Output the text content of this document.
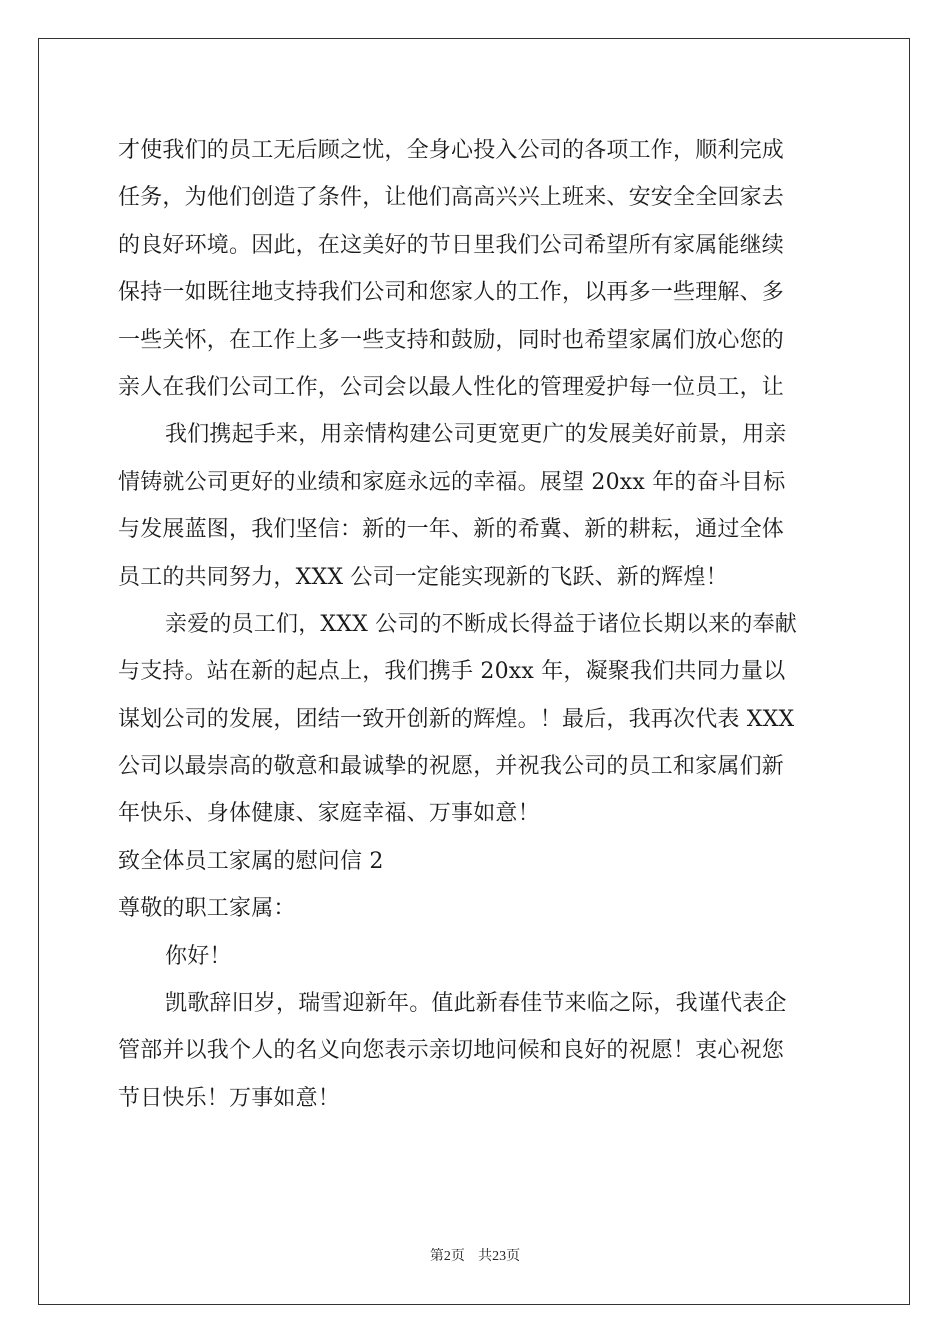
才使我们的员工无后顾之忧，全身心投入公司的各项工作，顺利完成
任务，为他们创造了条件，让他们高高兴兴上班来、安安全全回家去
的良好环境。因此，在这美好的节日里我们公司希望所有家属能继续
保持一如既往地支持我们公司和您家人的工作，以再多一些理解、多
一些关怀，在工作上多一些支持和鼓励，同时也希望家属们放心您的
亲人在我们公司工作，公司会以最人性化的管理爱护每一位员工，让
我们携起手来，用亲情构建公司更宽更广的发展美好前景，用亲
情铸就公司更好的业绩和家庭永远的幸福。展望 20xx 年的奋斗目标
与发展蓝图，我们坚信：新的一年、新的希冀、新的耕耘，通过全体
员工的共同努力，XXX 公司一定能实现新的飞跃、新的辉煌！
亲爱的员工们，XXX 公司的不断成长得益于诸位长期以来的奉献
与支持。站在新的起点上，我们携手 20xx 年，凝聚我们共同力量以
谋划公司的发展，团结一致开创新的辉煌。！最后，我再次代表 XXX
公司以最崇高的敬意和最诚挚的祝愿，并祝我公司的员工和家属们新
年快乐、身体健康、家庭幸福、万事如意！
致全体员工家属的慰问信 2
尊敬的职工家属：
你好！
凯歌辞旧岁，瑞雪迎新年。值此新春佳节来临之际，我谨代表企
管部并以我个人的名义向您表示亲切地问候和良好的祝愿！衷心祝您
节日快乐！万事如意！
第2页 共23页
